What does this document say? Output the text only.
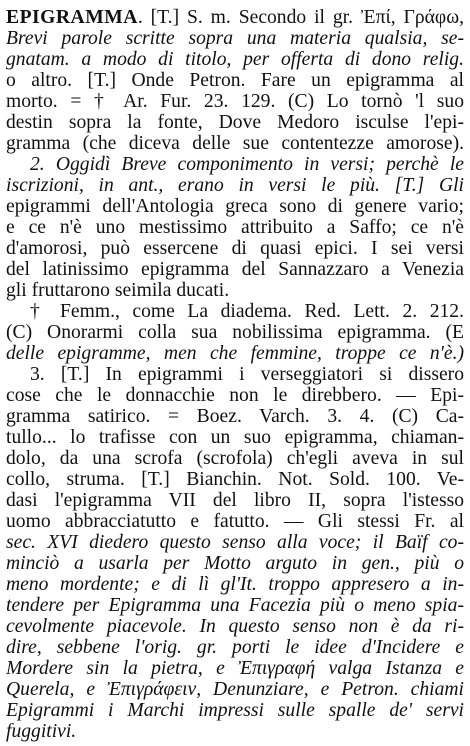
EPIGRAMMA. [T.] S. m. Secondo il gr. Ἐπί, Γράφω,
Brevi parole scritte sopra una materia qualsia, se-
gnatam. a modo di titolo, per offerta di dono relig.
o altro. [T.] Onde Petron. Fare un epigramma al
morto. = † Ar. Fur. 23. 129. (C) Lo tornò 'l suo
destin sopra la fonte, Dove Medoro isculse l'epi-
gramma (che diceva delle sue contentezze amorose).
2. Oggidì Breve componimento in versi; perchè le
iscrizioni, in ant., erano in versi le più. [T.] Gli
epigrammi dell'Antologia greca sono di genere vario;
e ce n'è uno mestissimo attribuito a Saffo; ce n'è
d'amorosi, può essercene di quasi epici. I sei versi
del latinissimo epigramma del Sannazzaro a Venezia
gli fruttarono seimila ducati.
† Femm., come La diadema. Red. Lett. 2. 212.
(C) Onorarmi colla sua nobilissima epigramma. (E
delle epigramme, men che femmine, troppe ce n'è.)
3. [T.] In epigrammi i verseggiatori si dissero
cose che le donnacchie non le direbbero. — Epi-
gramma satirico. = Boez. Varch. 3. 4. (C) Ca-
tullo... lo trafisse con un suo epigramma, chiaman-
dolo, da una scrofa (scrofola) ch'egli aveva in sul
collo, struma. [T.] Bianchin. Not. Sold. 100. Ve-
dasi l'epigramma VII del libro II, sopra l'istesso
uomo abbracciatutto e fatutto. — Gli stessi Fr. al
sec. XVI diedero questo senso alla voce; il Baïf co-
minciò a usarla per Motto arguto in gen., più o
meno mordente; e di lì gl'It. troppo appresero a in-
tendere per Epigramma una Facezia più o meno spia-
cevolmente piacevole. In questo senso non è da ri-
dire, sebbene l'orig. gr. porti le idee d'Incidere e
Mordere sin la pietra, e Ἐπιγραφή valga Istanza e
Querela, e Ἐπιγράφειν, Denunziare, e Petron. chiami
Epigrammi i Marchi impressi sulle spalle de' servi
fuggitivi.
